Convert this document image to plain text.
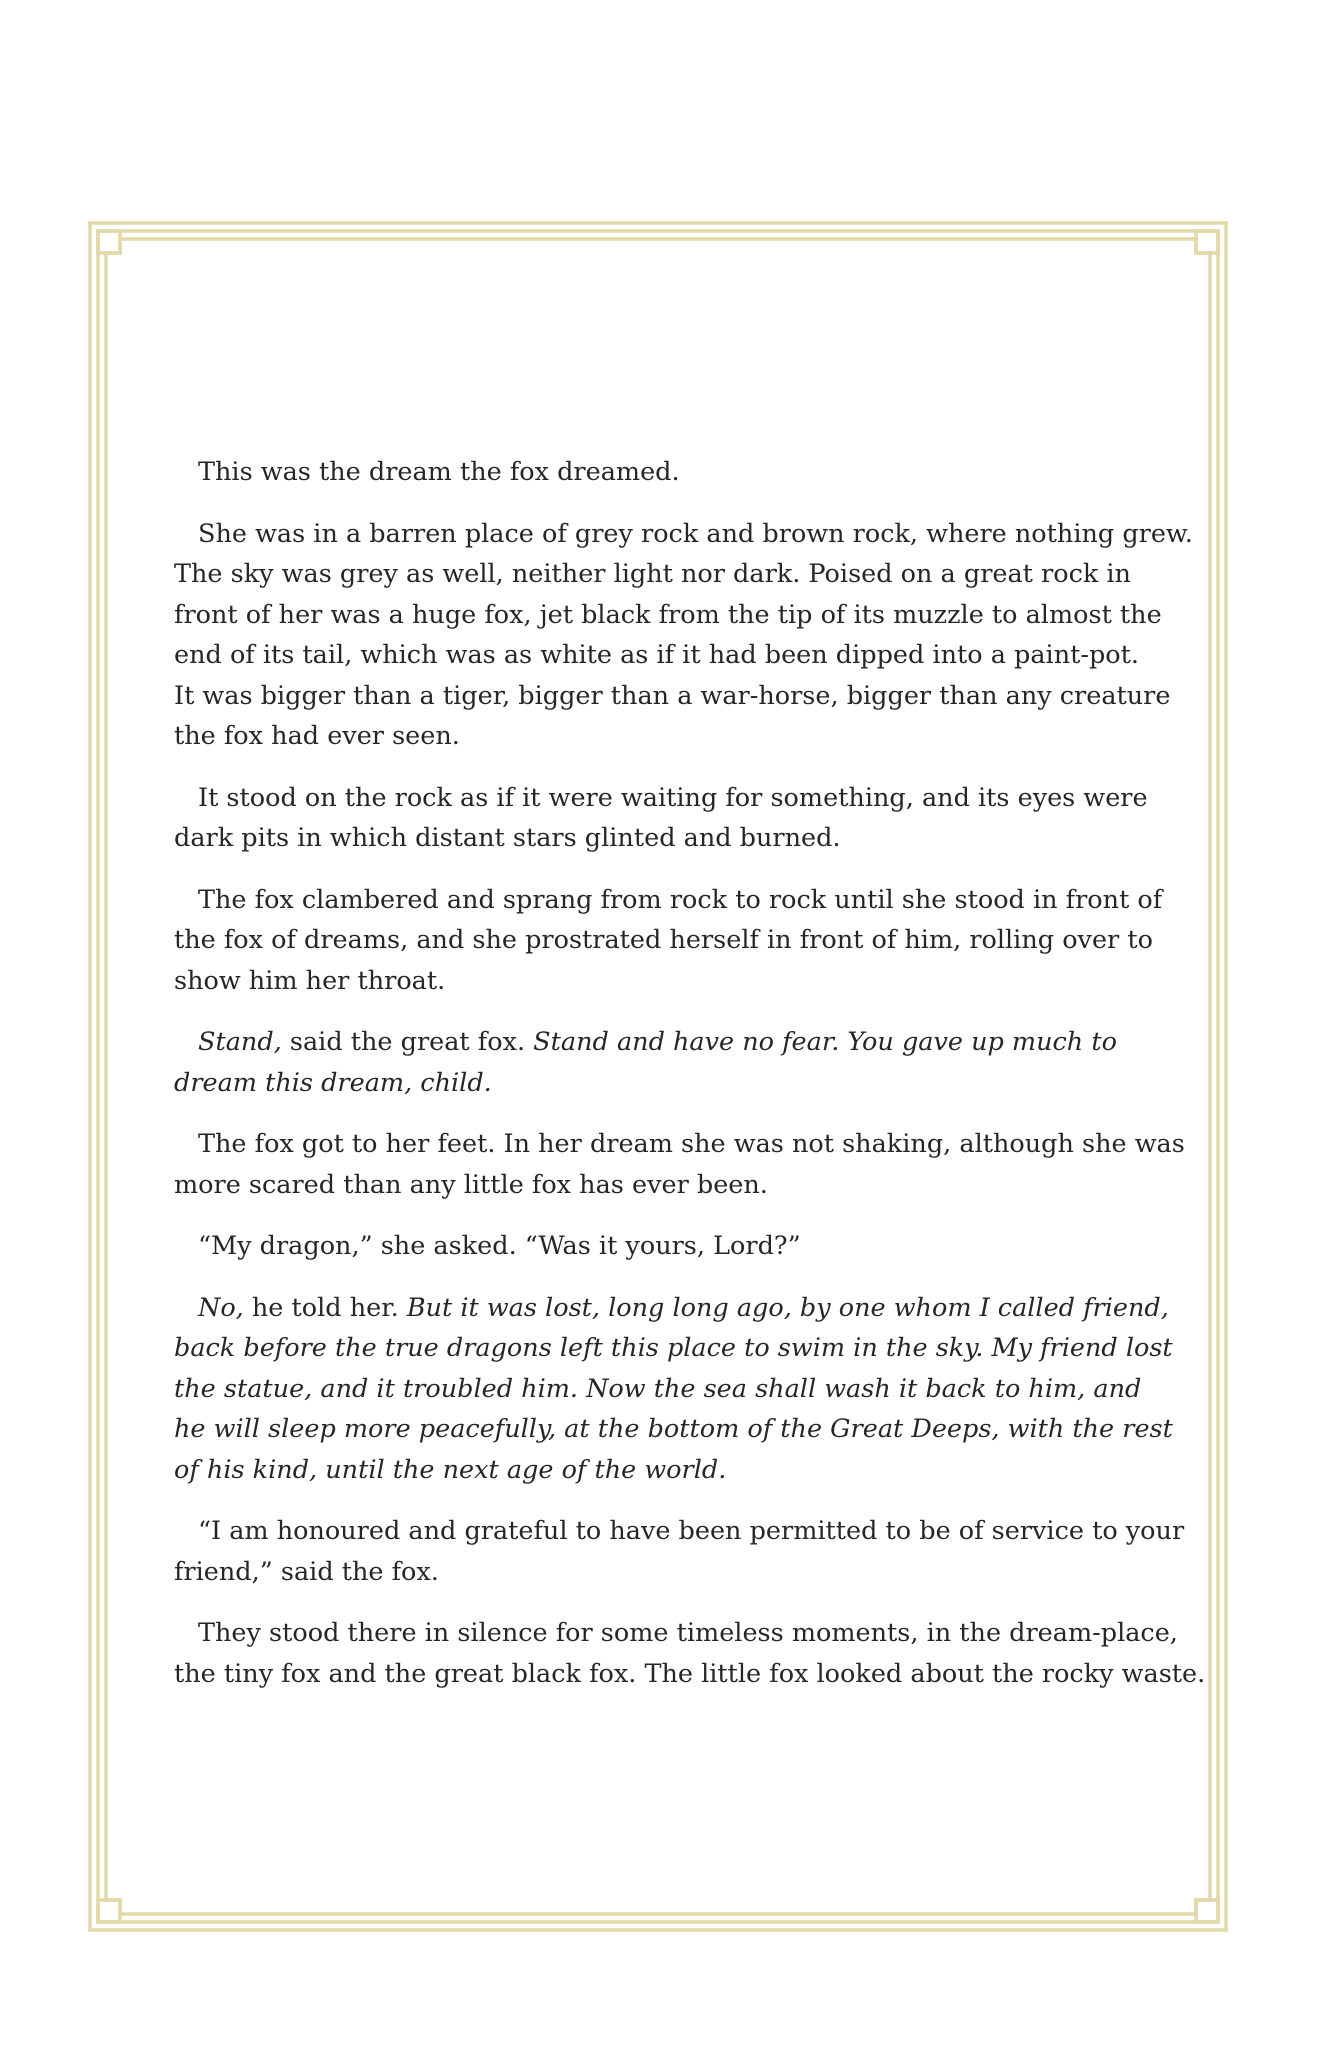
This was the dream the fox dreamed.

She was in a barren place of grey rock and brown rock, where nothing grew.
The sky was grey as well, neither light nor dark. Poised on a great rock in
front of her was a huge fox, jet black from the tip of its muzzle to almost the
end of its tail, which was as white as if it had been dipped into a paint-pot.
It was bigger than a tiger, bigger than a war-horse, bigger than any creature
the fox had ever seen.

It stood on the rock as if it were waiting for something, and its eyes were
dark pits in which distant stars glinted and burned.

The fox clambered and sprang from rock to rock until she stood in front of
the fox of dreams, and she prostrated herself in front of him, rolling over to
show him her throat.

Stand, said the great fox. Stand and have no fear. You gave up much to
dream this dream, child.

The fox got to her feet. In her dream she was not shaking, although she was
more scared than any little fox has ever been.

“My dragon,” she asked. “Was it yours, Lord?”

No, he told her. But it was lost, long long ago, by one whom I called friend,
back before the true dragons left this place to swim in the sky. My friend lost
the statue, and it troubled him. Now the sea shall wash it back to him, and
he will sleep more peacefully, at the bottom of the Great Deeps, with the rest
of his kind, until the next age of the world.

“I am honoured and grateful to have been permitted to be of service to your
friend,” said the fox.

They stood there in silence for some timeless moments, in the dream-place,
the tiny fox and the great black fox. The little fox looked about the rocky waste.
